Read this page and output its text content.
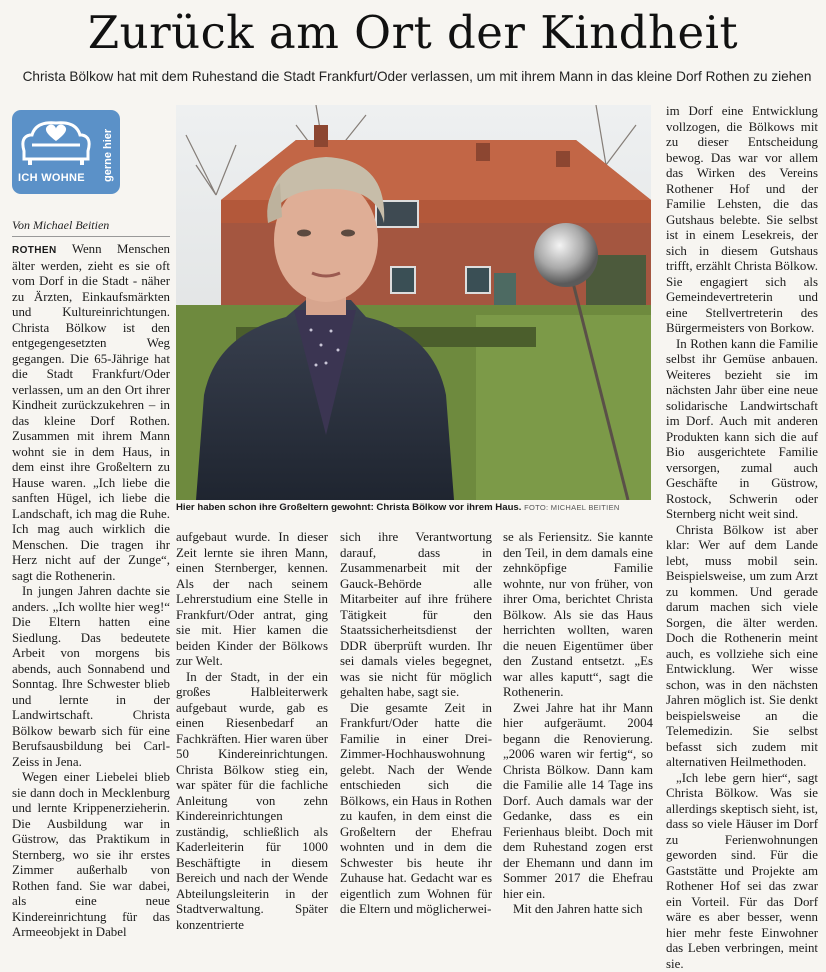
Zurück am Ort der Kindheit
Christa Bölkow hat mit dem Ruhestand die Stadt Frankfurt/Oder verlassen, um mit ihrem Mann in das kleine Dorf Rothen zu ziehen
ICH WOHNE gerne hier
Von Michael Beitien

ROTHEN Wenn Menschen älter werden, zieht es sie oft vom Dorf in die Stadt - näher zu Ärzten, Einkaufsmärkten und Kultureinrichtungen. Christa Bölkow ist den entgegengesetzten Weg gegangen. Die 65-Jährige hat die Stadt Frankfurt/Oder verlassen, um an den Ort ihrer Kindheit zurückzukehren – in das kleine Dorf Rothen. Zusammen mit ihrem Mann wohnt sie in dem Haus, in dem einst ihre Großeltern zu Hause waren. „Ich liebe die sanften Hügel, ich liebe die Landschaft, ich mag die Ruhe. Ich mag auch wirklich die Menschen. Die tragen ihr Herz nicht auf der Zunge“, sagt die Rothenerin.

In jungen Jahren dachte sie anders. „Ich wollte hier weg!“ Die Eltern hatten eine Siedlung. Das bedeutete Arbeit von morgens bis abends, auch Sonnabend und Sonntag. Ihre Schwester blieb und lernte in der Landwirtschaft. Christa Bölkow bewarb sich für eine Berufsausbildung bei Carl-Zeiss in Jena.

Wegen einer Liebelei blieb sie dann doch in Mecklenburg und lernte Krippenerzieherin. Die Ausbildung war in Güstrow, das Praktikum in Sternberg, wo sie ihr erstes Zimmer außerhalb von Rothen fand. Sie war dabei, als eine neue Kindereinrichtung für das Armeeobjekt in Dabel

Hier haben schon ihre Großeltern gewohnt: Christa Bölkow vor ihrem Haus. FOTO: MICHAEL BEITIEN

aufgebaut wurde. In dieser Zeit lernte sie ihren Mann, einen Sternberger, kennen. Als der nach seinem Lehrerstudium eine Stelle in Frankfurt/Oder antrat, ging sie mit. Hier kamen die beiden Kinder der Bölkows zur Welt.

In der Stadt, in der ein großes Halbleiterwerk aufgebaut wurde, gab es einen Riesenbedarf an Fachkräften. Hier waren über 50 Kindereinrichtungen. Christa Bölkow stieg ein, war später für die fachliche Anleitung von zehn Kindereinrichtungen zuständig, schließlich als Kaderleiterin für 1000 Beschäftigte in diesem Bereich und nach der Wende Abteilungsleiterin in der Stadtverwaltung. Später konzentrierte

sich ihre Verantwortung darauf, dass in Zusammenarbeit mit der Gauck-Behörde alle Mitarbeiter auf ihre frühere Tätigkeit für den Staatssicherheitsdienst der DDR überprüft wurden. Ihr sei damals vieles begegnet, was sie nicht für möglich gehalten habe, sagt sie.

Die gesamte Zeit in Frankfurt/Oder hatte die Familie in einer Drei-Zimmer-Hochhauswohnung gelebt. Nach der Wende entschieden sich die Bölkows, ein Haus in Rothen zu kaufen, in dem einst die Großeltern der Ehefrau wohnten und in dem die Schwester bis heute ihr Zuhause hat. Gedacht war es eigentlich zum Wohnen für die Eltern und möglicherwei-

se als Feriensitz. Sie kannte den Teil, in dem damals eine zehnköpfige Familie wohnte, nur von früher, von ihrer Oma, berichtet Christa Bölkow. Als sie das Haus herrichten wollten, waren die neuen Eigentümer über den Zustand entsetzt. „Es war alles kaputt“, sagt die Rothenerin.

Zwei Jahre hat ihr Mann hier aufgeräumt. 2004 begann die Renovierung. „2006 waren wir fertig“, so Christa Bölkow. Dann kam die Familie alle 14 Tage ins Dorf. Auch damals war der Gedanke, dass es ein Ferienhaus bleibt. Doch mit dem Ruhestand zogen erst der Ehemann und dann im Sommer 2017 die Ehefrau hier ein.

Mit den Jahren hatte sich

im Dorf eine Entwicklung vollzogen, die Bölkows mit zu dieser Entscheidung bewog. Das war vor allem das Wirken des Vereins Rothener Hof und der Familie Lehsten, die das Gutshaus belebte. Sie selbst ist in einem Lesekreis, der sich in diesem Gutshaus trifft, erzählt Christa Bölkow. Sie engagiert sich als Gemeindevertreterin und eine Stellvertreterin des Bürgermeisters von Borkow.

In Rothen kann die Familie selbst ihr Gemüse anbauen. Weiteres bezieht sie im nächsten Jahr über eine neue solidarische Landwirtschaft im Dorf. Auch mit anderen Produkten kann sich die auf Bio ausgerichtete Familie versorgen, zumal auch Geschäfte in Güstrow, Rostock, Schwerin oder Sternberg nicht weit sind.

Christa Bölkow ist aber klar: Wer auf dem Lande lebt, muss mobil sein. Beispielsweise, um zum Arzt zu kommen. Und gerade darum machen sich viele Sorgen, die älter werden. Doch die Rothenerin meint auch, es vollziehe sich eine Entwicklung. Wer wisse schon, was in den nächsten Jahren möglich ist. Sie denkt beispielsweise an die Telemedizin. Sie selbst befasst sich zudem mit alternativen Heilmethoden.

„Ich lebe gern hier“, sagt Christa Bölkow. Was sie allerdings skeptisch sieht, ist, dass so viele Häuser im Dorf zu Ferienwohnungen geworden sind. Für die Gaststätte und Projekte am Rothener Hof sei das zwar ein Vorteil. Für das Dorf wäre es aber besser, wenn hier mehr feste Einwohner das Leben verbringen, meint sie.
